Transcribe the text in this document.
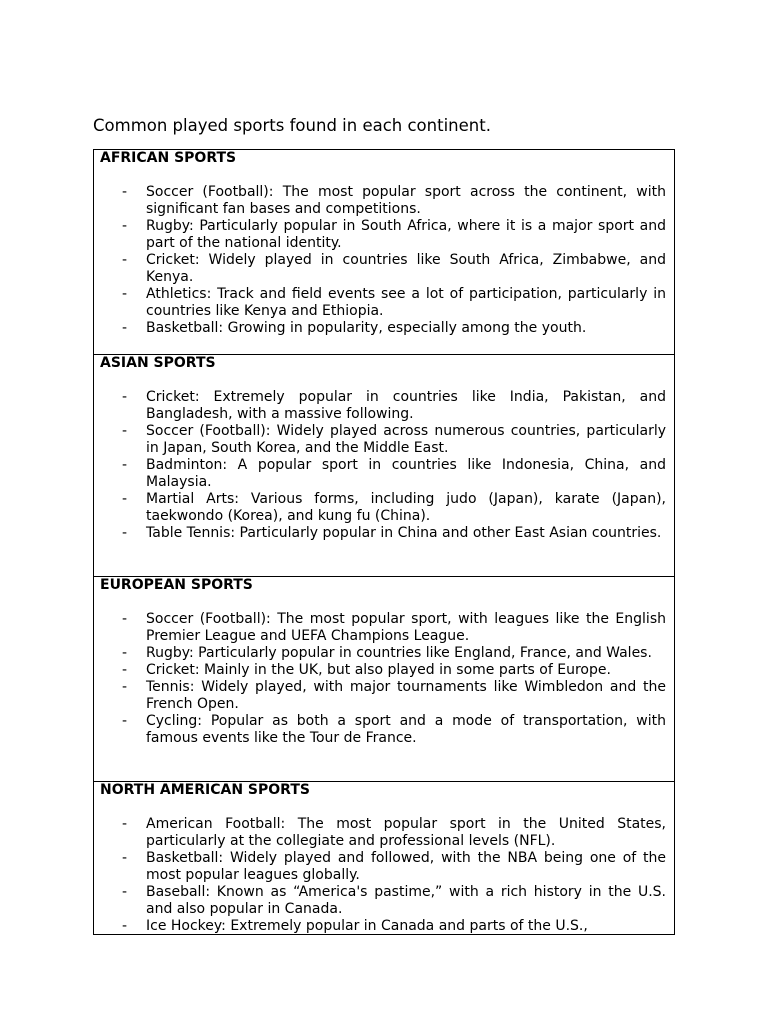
Common played sports found in each continent.
AFRICAN SPORTS
-	Soccer (Football): The most popular sport across the continent, with significant fan bases and competitions.
-	Rugby: Particularly popular in South Africa, where it is a major sport and part of the national identity.
-	Cricket: Widely played in countries like South Africa, Zimbabwe, and Kenya.
-	Athletics: Track and field events see a lot of participation, particularly in countries like Kenya and Ethiopia.
-	Basketball: Growing in popularity, especially among the youth.
ASIAN SPORTS
-	Cricket: Extremely popular in countries like India, Pakistan, and Bangladesh, with a massive following.
-	Soccer (Football): Widely played across numerous countries, particularly in Japan, South Korea, and the Middle East.
-	Badminton: A popular sport in countries like Indonesia, China, and Malaysia.
-	Martial Arts: Various forms, including judo (Japan), karate (Japan), taekwondo (Korea), and kung fu (China).
-	Table Tennis: Particularly popular in China and other East Asian countries.
EUROPEAN SPORTS
-	Soccer (Football): The most popular sport, with leagues like the English Premier League and UEFA Champions League.
-	Rugby: Particularly popular in countries like England, France, and Wales.
-	Cricket: Mainly in the UK, but also played in some parts of Europe.
-	Tennis: Widely played, with major tournaments like Wimbledon and the French Open.
-	Cycling: Popular as both a sport and a mode of transportation, with famous events like the Tour de France.
NORTH AMERICAN SPORTS
-	American Football: The most popular sport in the United States, particularly at the collegiate and professional levels (NFL).
-	Basketball: Widely played and followed, with the NBA being one of the most popular leagues globally.
-	Baseball: Known as “America's pastime,” with a rich history in the U.S. and also popular in Canada.
-	Ice Hockey: Extremely popular in Canada and parts of the U.S.,
